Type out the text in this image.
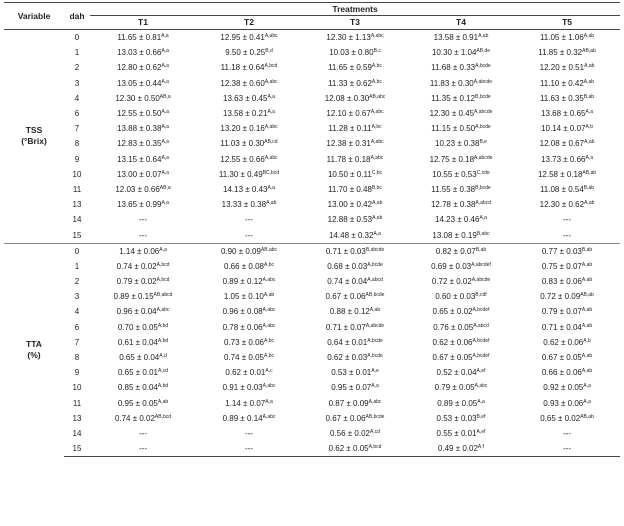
Variable	dah	Treatments				
		T1	T2	T3	T4	T5

TSS
(°Brix)	0	$11.65 \pm 0.81^{A,a}$	$12.95 \pm 0.41^{A,abc}$	$12.30 \pm 1.13^{A,abc}$	$13.58 \pm 0.91^{A,ab}$	$11.05 \pm 1.06^{A,ab}$
	1	$13.03 \pm 0.66^{A,a}$	$9.50 \pm 0.25^{B,d}$	$10.03 \pm 0.80^{B,c}$	$10.30 \pm 1.04^{AB,de}$	$11.85 \pm 0.32^{AB,ab}$
	2	$12.80 \pm 0.62^{A,a}$	$11.18 \pm 0.64^{A,bcd}$	$11.65 \pm 0.59^{A,bc}$	$11.68 \pm 0.33^{A,bcde}$	$12.20 \pm 0.51^{A,ab}$
	3	$13.05 \pm 0.44^{A,a}$	$12.38 \pm 0.60^{A,abc}$	$11.33 \pm 0.62^{A,bc}$	$11.83 \pm 0.30^{A,abcde}$	$11.10 \pm 0.42^{A,ab}$
	4	$12.30 \pm 0.50^{AB,a}$	$13.63 \pm 0.45^{A,a}$	$12.08 \pm 0.30^{AB,abc}$	$11.35 \pm 0.12^{B,bcde}$	$11.63 \pm 0.35^{B,ab}$
	6	$12.55 \pm 0.50^{A,a}$	$13.58 \pm 0.21^{A,a}$	$12.10 \pm 0.67^{A,abc}$	$12.30 \pm 0.45^{A,abcde}$	$13.68 \pm 0.65^{A,a}$
	7	$13.88 \pm 0.38^{A,a}$	$13.20 \pm 0.16^{A,abc}$	$11.28 \pm 0.11^{A,bc}$	$11.15 \pm 0.50^{A,bcde}$	$10.14 \pm 0.07^{A,b}$
	8	$12.83 \pm 0.35^{A,a}$	$11.03 \pm 0.30^{AB,cd}$	$12.38 \pm 0.31^{A,abc}$	$10.23 \pm 0.38^{B,e}$	$12.08 \pm 0.67^{A,ab}$
	9	$13.15 \pm 0.64^{A,a}$	$12.55 \pm 0.66^{A,abc}$	$11.78 \pm 0.18^{A,abc}$	$12.75 \pm 0.18^{A,abcde}$	$13.73 \pm 0.66^{A,a}$
	10	$13.00 \pm 0.07^{A,a}$	$11.30 \pm 0.49^{BC,bcd}$	$10.50 \pm 0.11^{C,bc}$	$10.55 \pm 0.53^{C,cde}$	$12.58 \pm 0.18^{AB,ab}$
	11	$12.03 \pm 0.66^{AB,a}$	$14.13 \pm 0.43^{A,a}$	$11.70 \pm 0.48^{B,bc}$	$11.55 \pm 0.38^{B,bcde}$	$11.08 \pm 0.54^{B,ab}$
	13	$13.65 \pm 0.99^{A,a}$	$13.33 \pm 0.38^{A,ab}$	$13.00 \pm 0.42^{A,ab}$	$12.78 \pm 0.38^{A,abcd}$	$12.30 \pm 0.62^{A,ab}$
	14	---	---	$12.88 \pm 0.53^{A,ab}$	$14.23 \pm 0.46^{A,a}$	---
	15	---	---	$14.48 \pm 0.32^{A,a}$	$13.08 \pm 0.19^{B,abc}$	---

TTA
(%)	0	$1.14 \pm 0.06^{A,a}$	$0.90 \pm 0.09^{AB,abc}$	$0.71 \pm 0.03^{B,abcde}$	$0.82 \pm 0.07^{B,ab}$	$0.77 \pm 0.03^{B,ab}$
	1	$0.74 \pm 0.02^{A,bcd}$	$0.66 \pm 0.08^{A,bc}$	$0.68 \pm 0.03^{A,bcde}$	$0.69 \pm 0.03^{A,abcdef}$	$0.75 \pm 0.07^{A,ab}$
	2	$0.79 \pm 0.02^{A,bcd}$	$0.89 \pm 0.12^{A,abc}$	$0.74 \pm 0.04^{A,abcd}$	$0.72 \pm 0.02^{A,abcde}$	$0.83 \pm 0.06^{A,ab}$
	3	$0.89 \pm 0.15^{AB,abcd}$	$1.05 \pm 0.10^{A,ab}$	$0.67 \pm 0.06^{AB,bcde}$	$0.60 \pm 0.03^{B,cdf}$	$0.72 \pm 0.09^{AB,ab}$
	4	$0.96 \pm 0.04^{A,abc}$	$0.96 \pm 0.08^{A,abc}$	$0.88 \pm 0.12^{A,ab}$	$0.65 \pm 0.02^{A,bcdef}$	$0.79 \pm 0.07^{A,ab}$
	6	$0.70 \pm 0.05^{A,bd}$	$0.78 \pm 0.06^{A,abc}$	$0.71 \pm 0.07^{A,abcde}$	$0.76 \pm 0.05^{A,abcd}$	$0.71 \pm 0.04^{A,ab}$
	7	$0.61 \pm 0.04^{A,bd}$	$0.73 \pm 0.06^{A,bc}$	$0.64 \pm 0.01^{A,bcde}$	$0.62 \pm 0.06^{A,bcdef}$	$0.62 \pm 0.06^{A,b}$
	8	$0.65 \pm 0.04^{A,d}$	$0.74 \pm 0.05^{A,bc}$	$0.62 \pm 0.03^{A,bcde}$	$0.67 \pm 0.05^{A,bcdef}$	$0.67 \pm 0.05^{A,ab}$
	9	$0.65 \pm 0.01^{A,cd}$	$0.62 \pm 0.01^{A,c}$	$0.53 \pm 0.01^{A,e}$	$0.52 \pm 0.04^{A,ef}$	$0.66 \pm 0.06^{A,ab}$
	10	$0.85 \pm 0.04^{A,bd}$	$0.91 \pm 0.03^{A,abc}$	$0.95 \pm 0.07^{A,a}$	$0.79 \pm 0.05^{A,abc}$	$0.92 \pm 0.05^{A,a}$
	11	$0.95 \pm 0.05^{A,ab}$	$1.14 \pm 0.07^{A,a}$	$0.87 \pm 0.09^{A,abc}$	$0.89 \pm 0.05^{A,a}$	$0.93 \pm 0.06^{A,a}$
	13	$0.74 \pm 0.02^{AB,bcd}$	$0.89 \pm 0.14^{A,abc}$	$0.67 \pm 0.06^{AB,bcde}$	$0.53 \pm 0.03^{B,ef}$	$0.65 \pm 0.02^{AB,ab}$
	14	---	---	$0.56 \pm 0.02^{A,cd}$	$0.55 \pm 0.01^{A,ef}$	---
	15	---	---	$0.62 \pm 0.05^{A,bcd}$	$0.49 \pm 0.02^{A,f}$	---
